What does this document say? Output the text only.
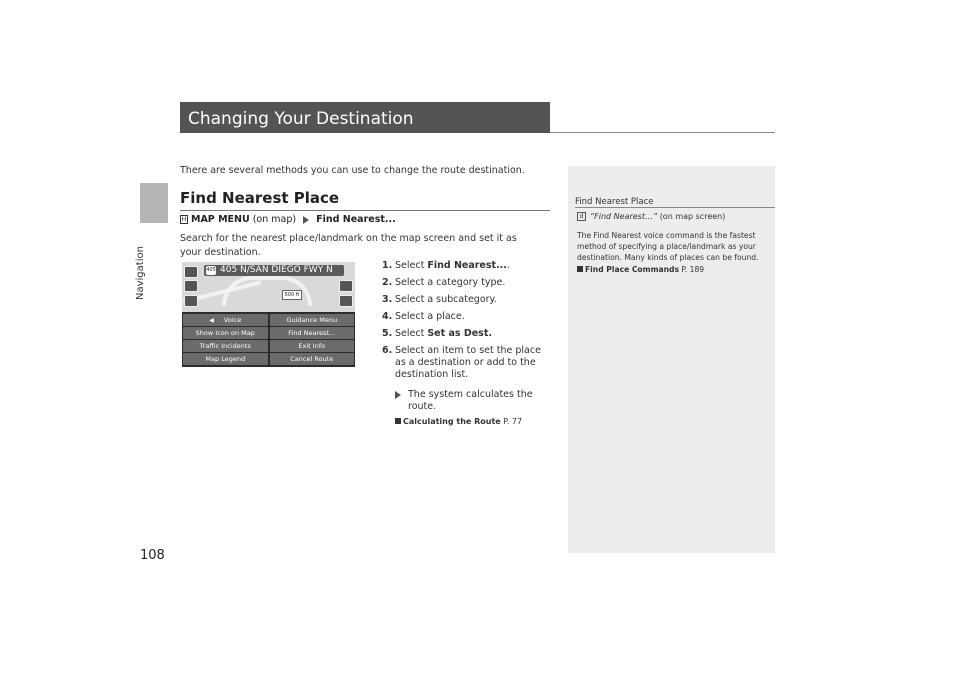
Navigation
Changing Your Destination
There are several methods you can use to change the route destination.
Find Nearest Place
H MAP MENU (on map) Find Nearest...
Search for the nearest place/landmark on the map screen and set it as your destination.
405 405 N/SAN DIEGO FWY N
500 ft
◀ Voice	Guidance Menu
Show Icon on Map	Find Nearest...
Traffic Incidents	Exit Info
Map Legend	Cancel Route
1. Select Find Nearest....
2. Select a category type.
3. Select a subcategory.
4. Select a place.
5. Select Set as Dest.
6. Select an item to set the place as a destination or add to the destination list.
The system calculates the route.
Calculating the Route P. 77
Find Nearest Place
d “Find Nearest…” (on map screen)
The Find Nearest voice command is the fastest method of specifying a place/landmark as your destination. Many kinds of places can be found.
Find Place Commands P. 189
108
